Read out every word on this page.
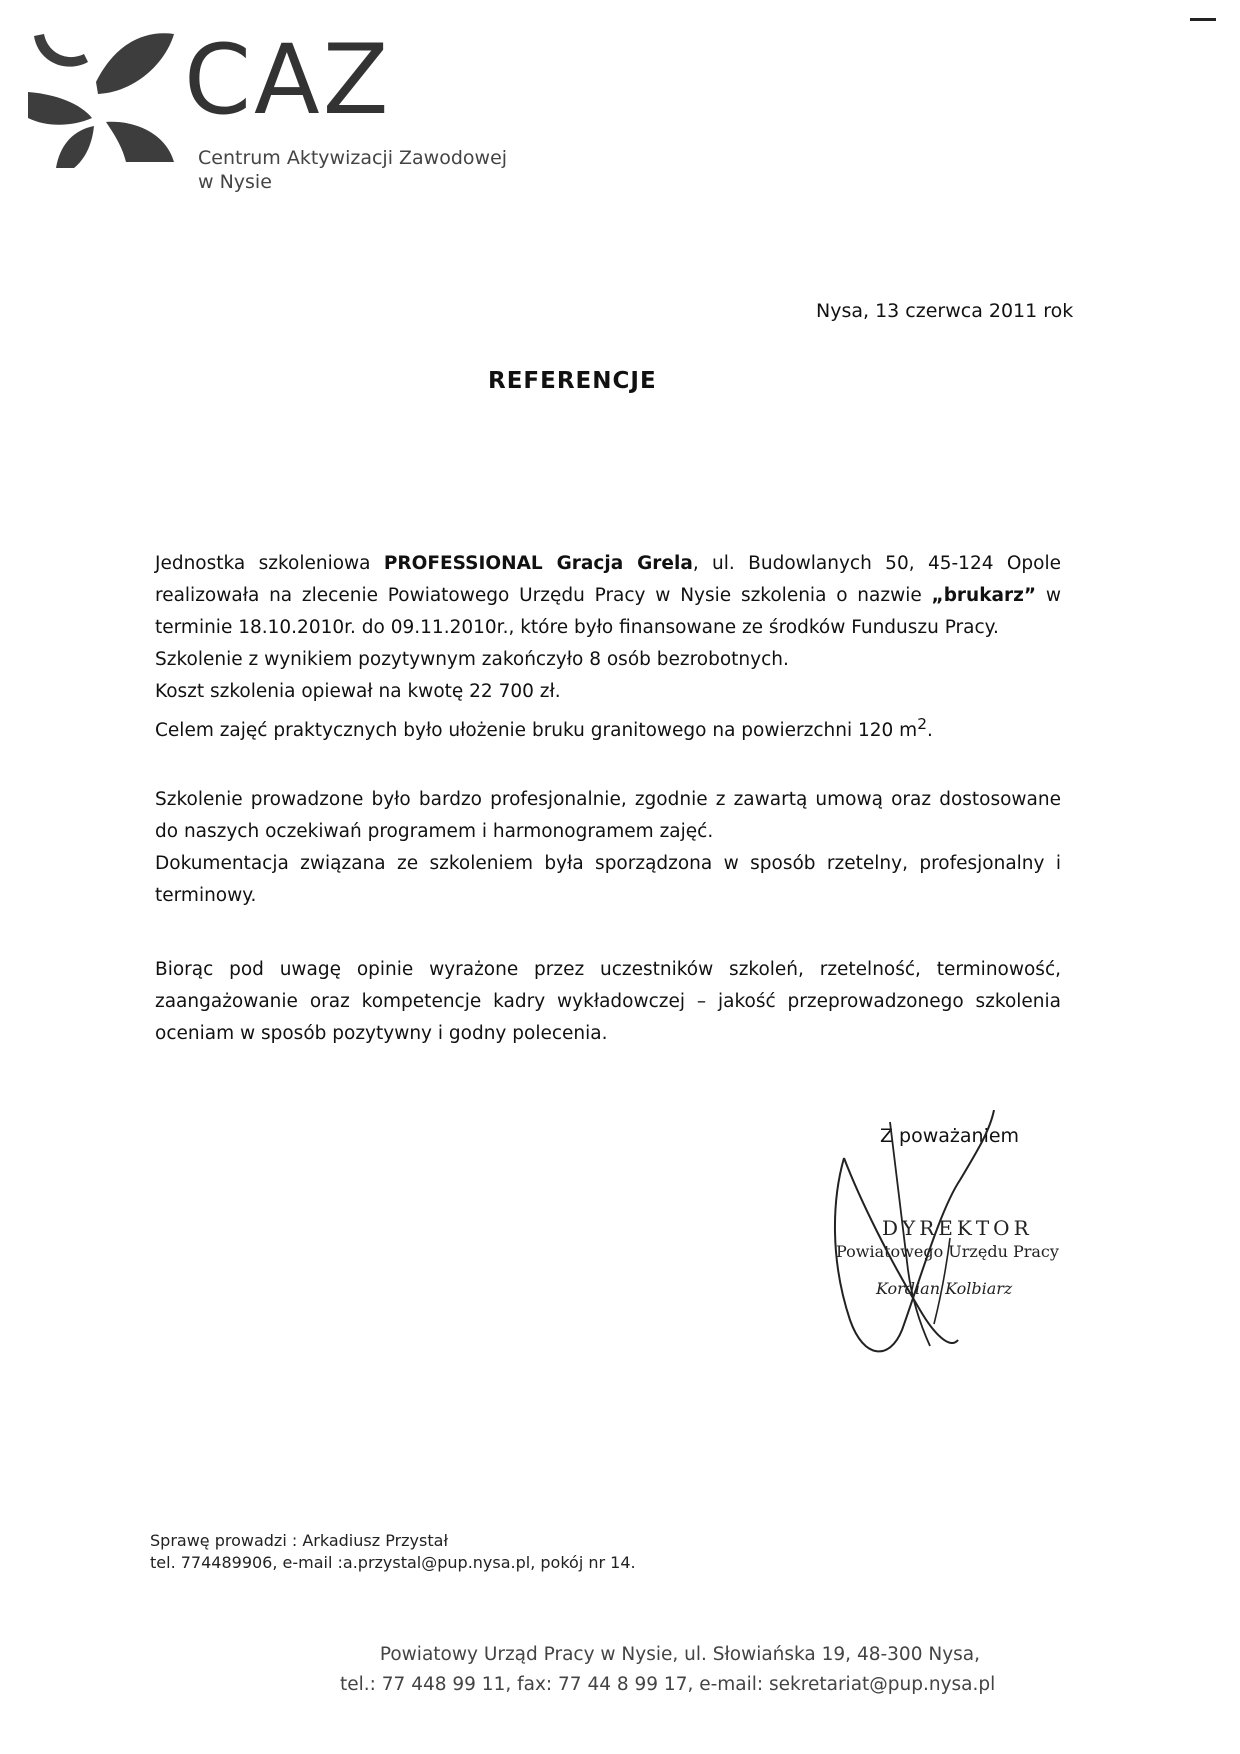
CAZ
Centrum Aktywizacji Zawodowej
w Nysie
Nysa, 13 czerwca 2011 rok
REFERENCJE

Jednostka szkoleniowa PROFESSIONAL Gracja Grela, ul. Budowlanych 50, 45-124 Opole realizowała na zlecenie Powiatowego Urzędu Pracy w Nysie szkolenia o nazwie „brukarz” w terminie 18.10.2010r. do 09.11.2010r., które było finansowane ze środków Funduszu Pracy.

Szkolenie z wynikiem pozytywnym zakończyło 8 osób bezrobotnych.

Koszt szkolenia opiewał na kwotę 22 700 zł.

Celem zajęć praktycznych było ułożenie bruku granitowego na powierzchni 120 $m^2$.

Szkolenie prowadzone było bardzo profesjonalnie, zgodnie z zawartą umową oraz dostosowane do naszych oczekiwań programem i harmonogramem zajęć.

Dokumentacja związana ze szkoleniem była sporządzona w sposób rzetelny, profesjonalny i terminowy.

Biorąc pod uwagę opinie wyrażone przez uczestników szkoleń, rzetelność, terminowość, zaangażowanie oraz kompetencje kadry wykładowczej – jakość przeprowadzonego szkolenia oceniam w sposób pozytywny i godny polecenia.

Z poważaniem
DYREKTOR
Powiatowego Urzędu Pracy
Kordian Kolbiarz
Sprawę prowadzi : Arkadiusz Przystał
tel. 774489906, e-mail :a.przystal@pup.nysa.pl, pokój nr 14.
Powiatowy Urząd Pracy w Nysie, ul. Słowiańska 19, 48-300 Nysa,
tel.: 77 448 99 11, fax: 77 44 8 99 17, e-mail: sekretariat@pup.nysa.pl
